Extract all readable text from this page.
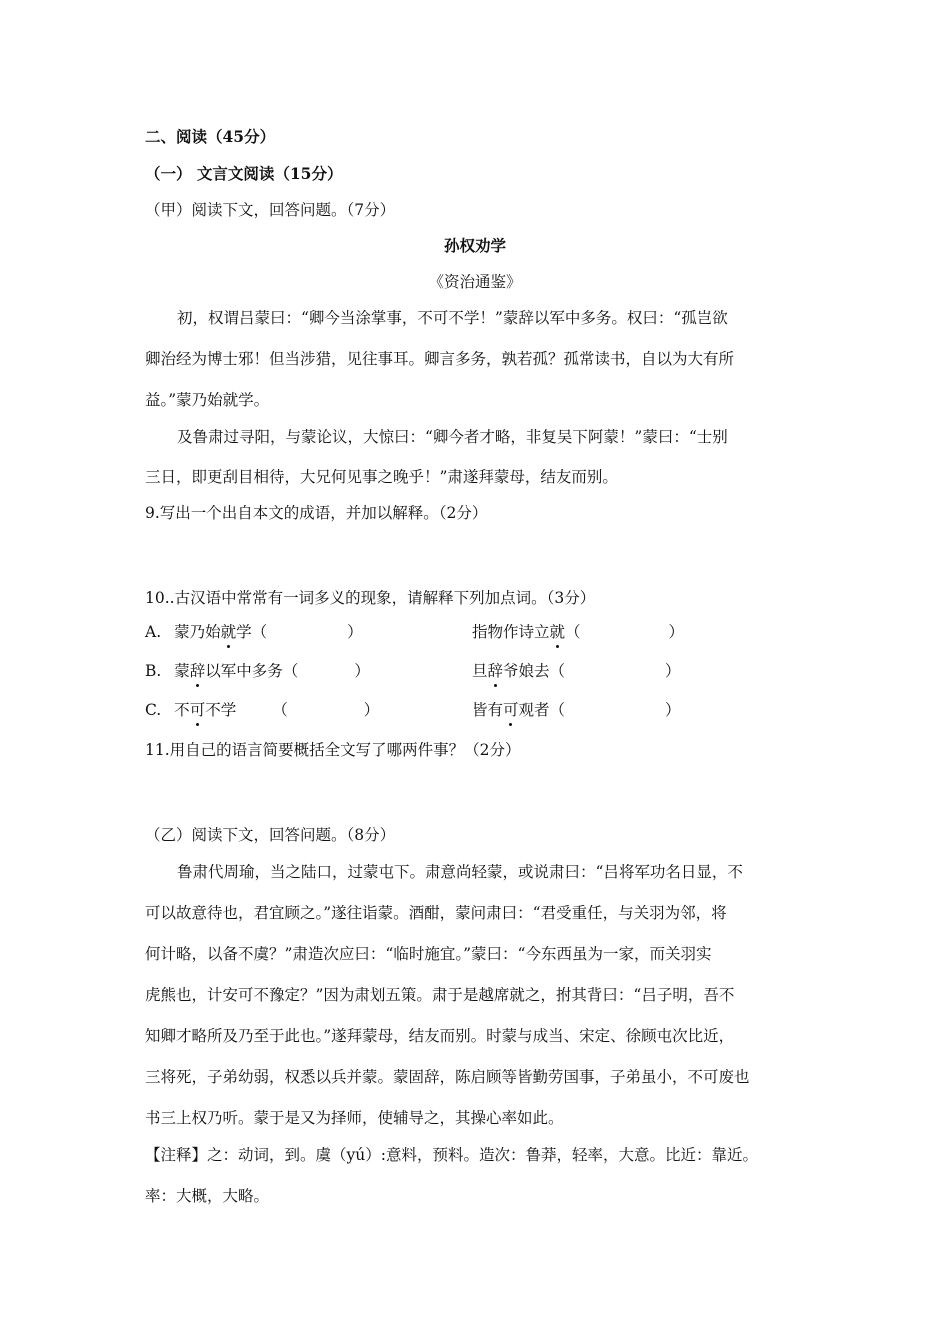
二、阅读（45分）
（一） 文言文阅读（15分）
（甲）阅读下文，回答问题。（7分）
孙权劝学
《资治通鉴》
初，权谓吕蒙曰：“卿今当涂掌事，不可不学！”蒙辞以军中多务。权曰：“孤岂欲
卿治经为博士邪！但当涉猎，见往事耳。卿言多务，孰若孤？孤常读书，自以为大有所
益。”蒙乃始就学。
及鲁肃过寻阳，与蒙论议，大惊曰：“卿今者才略，非复吴下阿蒙！”蒙曰：“士别
三日，即更刮目相待，大兄何见事之晚乎！”肃遂拜蒙母，结友而别。
9.写出一个出自本文的成语，并加以解释。（2分）
10..古汉语中常常有一词多义的现象，请解释下列加点词。（3分）
A. 蒙乃始就学（	）	指物作诗立就（	）
B. 蒙辞以军中多务（	）	旦辞爷娘去（	）
C. 不可不学 （	）	皆有可观者（	）
11.用自己的语言简要概括全文写了哪两件事？（2分）
（乙）阅读下文，回答问题。（8分）
鲁肃代周瑜，当之陆口，过蒙屯下。肃意尚轻蒙，或说肃曰：“吕将军功名日显，不
可以故意待也，君宜顾之。”遂往诣蒙。酒酣，蒙问肃曰：“君受重任，与关羽为邻，将
何计略，以备不虞？”肃造次应曰：“临时施宜。”蒙曰：“今东西虽为一家，而关羽实
虎熊也，计安可不豫定？”因为肃划五策。肃于是越席就之，拊其背曰：“吕子明，吾不
知卿才略所及乃至于此也。”遂拜蒙母，结友而别。时蒙与成当、宋定、徐顾屯次比近，
三将死，子弟幼弱，权悉以兵并蒙。蒙固辞，陈启顾等皆勤劳国事，子弟虽小，不可废也
书三上权乃听。蒙于是又为择师，使辅导之，其操心率如此。
【注释】之：动词，到。虞（yú）:意料，预料。造次：鲁莽，轻率，大意。比近：靠近。
率：大概，大略。
